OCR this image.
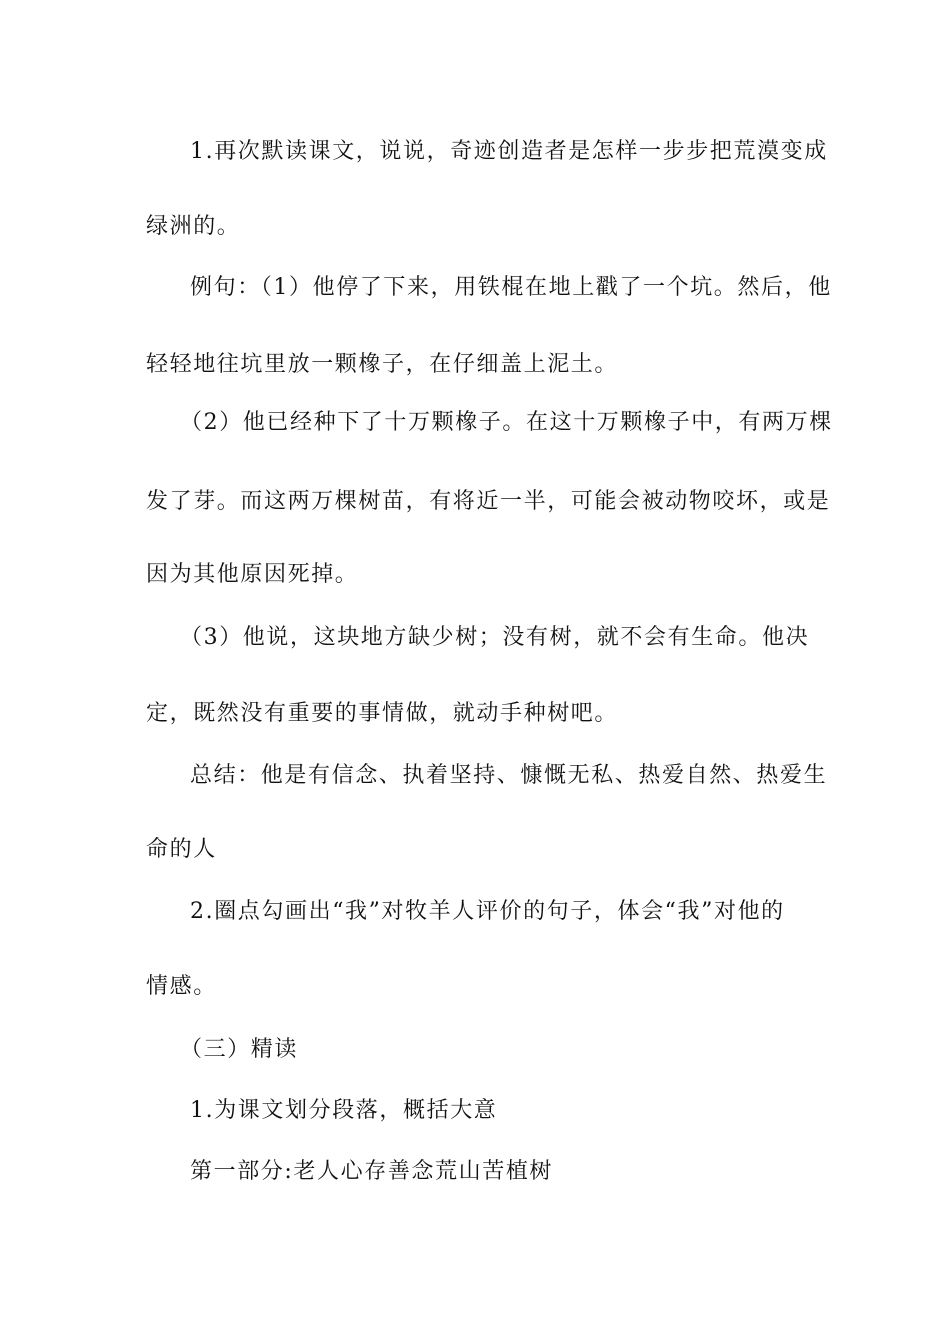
1.再次默读课文，说说，奇迹创造者是怎样一步步把荒漠变成
绿洲的。
例句：（1）他停了下来，用铁棍在地上戳了一个坑。然后，他
轻轻地往坑里放一颗橡子，在仔细盖上泥土。
（2）他已经种下了十万颗橡子。在这十万颗橡子中，有两万棵
发了芽。而这两万棵树苗，有将近一半，可能会被动物咬坏，或是
因为其他原因死掉。
（3）他说，这块地方缺少树；没有树，就不会有生命。他决
定，既然没有重要的事情做，就动手种树吧。
总结：他是有信念、执着坚持、慷慨无私、热爱自然、热爱生
命的人
2.圈点勾画出“我”对牧羊人评价的句子，体会“我”对他的
情感。
（三）精读
1.为课文划分段落，概括大意
第一部分:老人心存善念荒山苦植树
